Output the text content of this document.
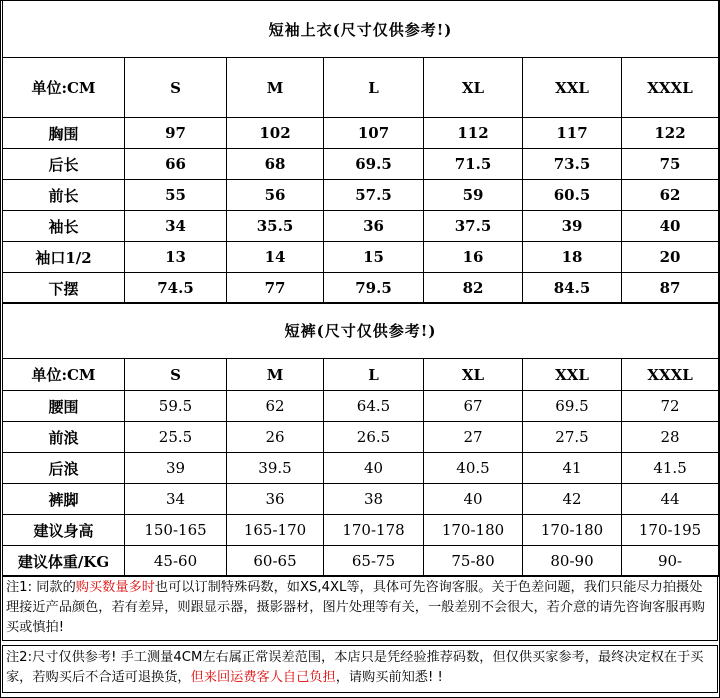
短袖上衣(尺寸仅供参考!)						
单位:CM	S	M	L	XL	XXL	XXXL
胸围	97	102	107	112	117	122
后长	66	68	69.5	71.5	73.5	75
前长	55	56	57.5	59	60.5	62
袖长	34	35.5	36	37.5	39	40
袖口1/2	13	14	15	16	18	20
下摆	74.5	77	79.5	82	84.5	87
短裤(尺寸仅供参考!)						
单位:CM	S	M	L	XL	XXL	XXXL
腰围	59.5	62	64.5	67	69.5	72
前浪	25.5	26	26.5	27	27.5	28
后浪	39	39.5	40	40.5	41	41.5
裤脚	34	36	38	40	42	44
建议身高	150-165	165-170	170-178	170-180	170-180	170-195
建议体重/KG	45-60	60-65	65-75	75-80	80-90	90-
注1: 同款的购买数量多时也可以订制特殊码数，如XS,4XL等，具体可先咨询客服。关于色差问题，我们只能尽力拍摄处理接近产品颜色，若有差异，则跟显示器，摄影器材，图片处理等有关，一般差别不会很大，若介意的请先咨询客服再购买或慎拍!
注2:尺寸仅供参考! 手工测量4CM左右属正常误差范围，本店只是凭经验推荐码数，但仅供买家参考，最终决定权在于买家，若购买后不合适可退换货，但来回运费客人自己负担，请购买前知悉! !
